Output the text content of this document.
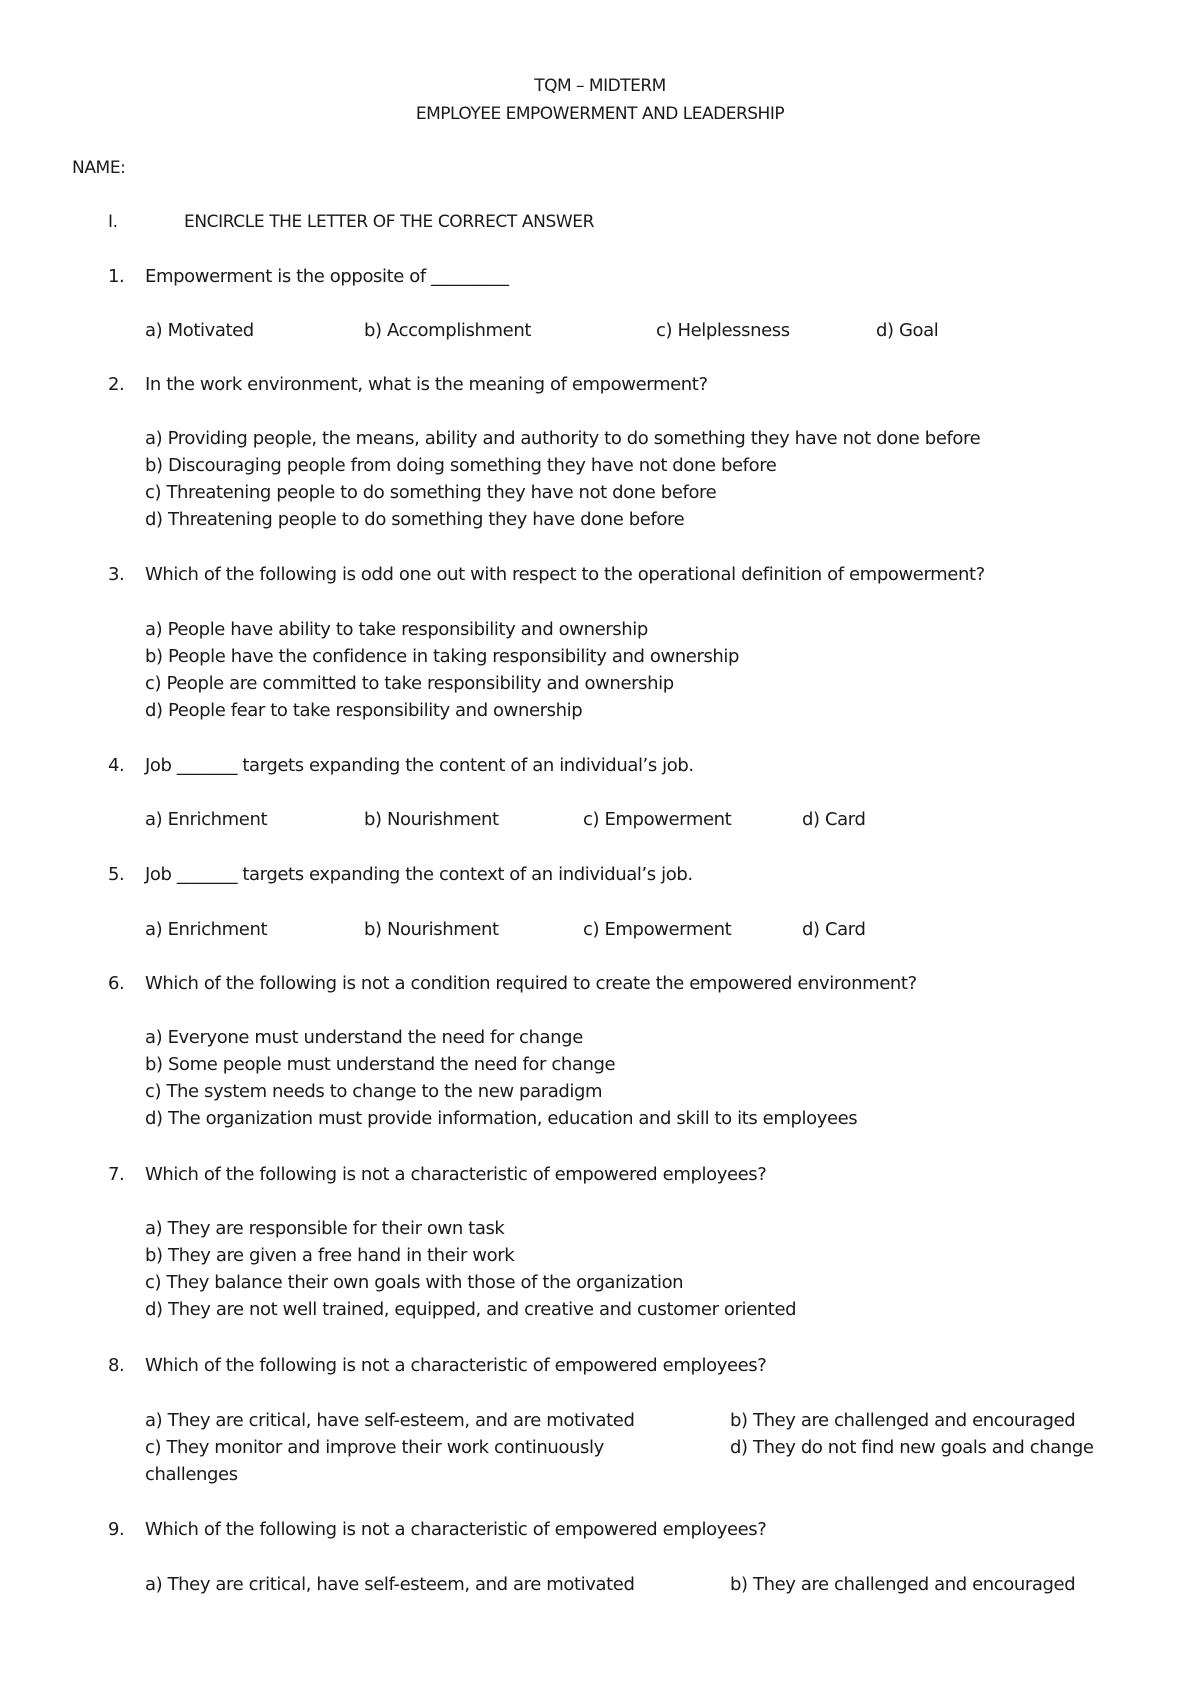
TQM – MIDTERM
EMPLOYEE EMPOWERMENT AND LEADERSHIP
NAME:
I.	ENCIRCLE THE LETTER OF THE CORRECT ANSWER
1. Empowerment is the opposite of _________
a) Motivated	b) Accomplishment	c) Helplessness	d) Goal
2. In the work environment, what is the meaning of empowerment?
a) Providing people, the means, ability and authority to do something they have not done before
b) Discouraging people from doing something they have not done before
c) Threatening people to do something they have not done before
d) Threatening people to do something they have done before
3. Which of the following is odd one out with respect to the operational definition of empowerment?
a) People have ability to take responsibility and ownership
b) People have the confidence in taking responsibility and ownership
c) People are committed to take responsibility and ownership
d) People fear to take responsibility and ownership
4. Job _______ targets expanding the content of an individual’s job.
a) Enrichment	b) Nourishment	c) Empowerment	d) Card
5. Job _______ targets expanding the context of an individual’s job.
a) Enrichment	b) Nourishment	c) Empowerment	d) Card
6. Which of the following is not a condition required to create the empowered environment?
a) Everyone must understand the need for change
b) Some people must understand the need for change
c) The system needs to change to the new paradigm
d) The organization must provide information, education and skill to its employees
7. Which of the following is not a characteristic of empowered employees?
a) They are responsible for their own task
b) They are given a free hand in their work
c) They balance their own goals with those of the organization
d) They are not well trained, equipped, and creative and customer oriented
8. Which of the following is not a characteristic of empowered employees?
a) They are critical, have self-esteem, and are motivated	b) They are challenged and encouraged
c) They monitor and improve their work continuously	d) They do not find new goals and change
challenges
9. Which of the following is not a characteristic of empowered employees?
a) They are critical, have self-esteem, and are motivated	b) They are challenged and encouraged
